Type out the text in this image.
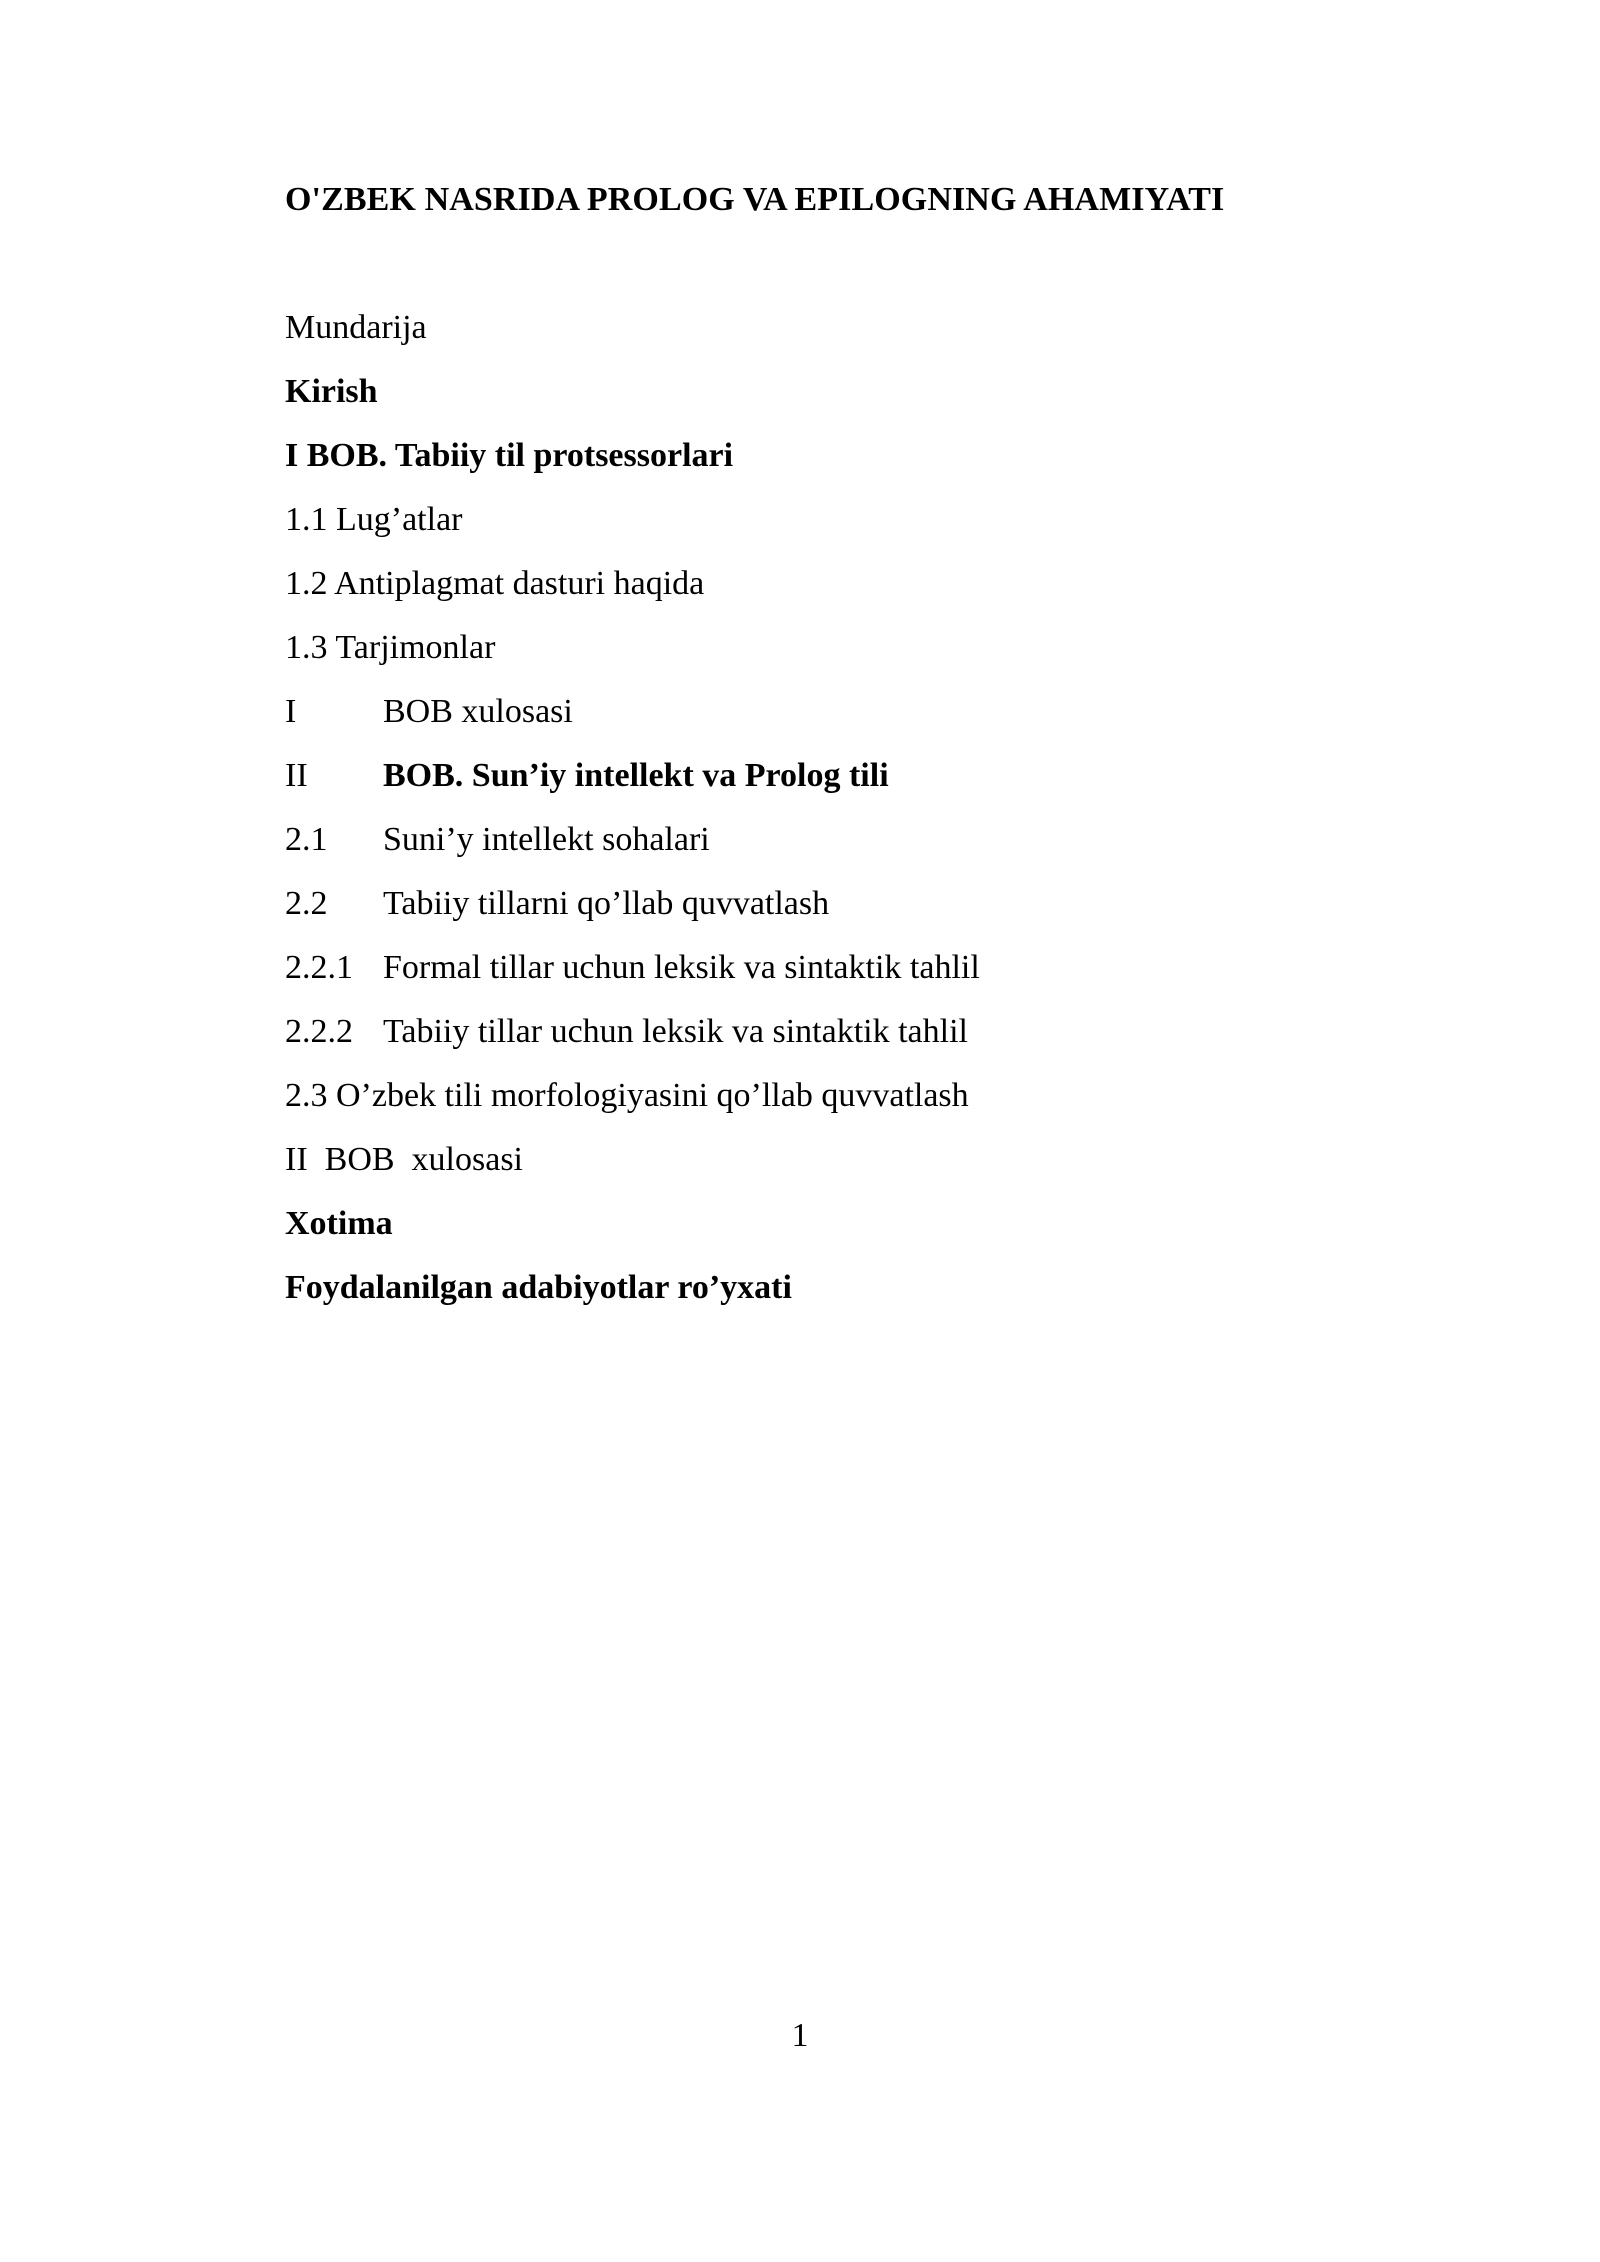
O'ZBEK NASRIDA PROLOG VA EPILOGNING AHAMIYATI

Mundarija
Kirish
I BOB. Tabiiy til protsessorlari
1.1 Lug’atlar
1.2 Antiplagmat dasturi haqida
1.3 Tarjimonlar
I	BOB xulosasi
II BOB. Sun’iy intellekt va Prolog tili
2.1 Suni’y intellekt sohalari
2.2 Tabiiy tillarni qo’llab quvvatlash
2.2.1 Formal tillar uchun leksik va sintaktik tahlil
2.2.2 Tabiiy tillar uchun leksik va sintaktik tahlil
2.3 O’zbek tili morfologiyasini qo’llab quvvatlash
II  BOB  xulosasi
Xotima
Foydalanilgan adabiyotlar ro’yxati
1
